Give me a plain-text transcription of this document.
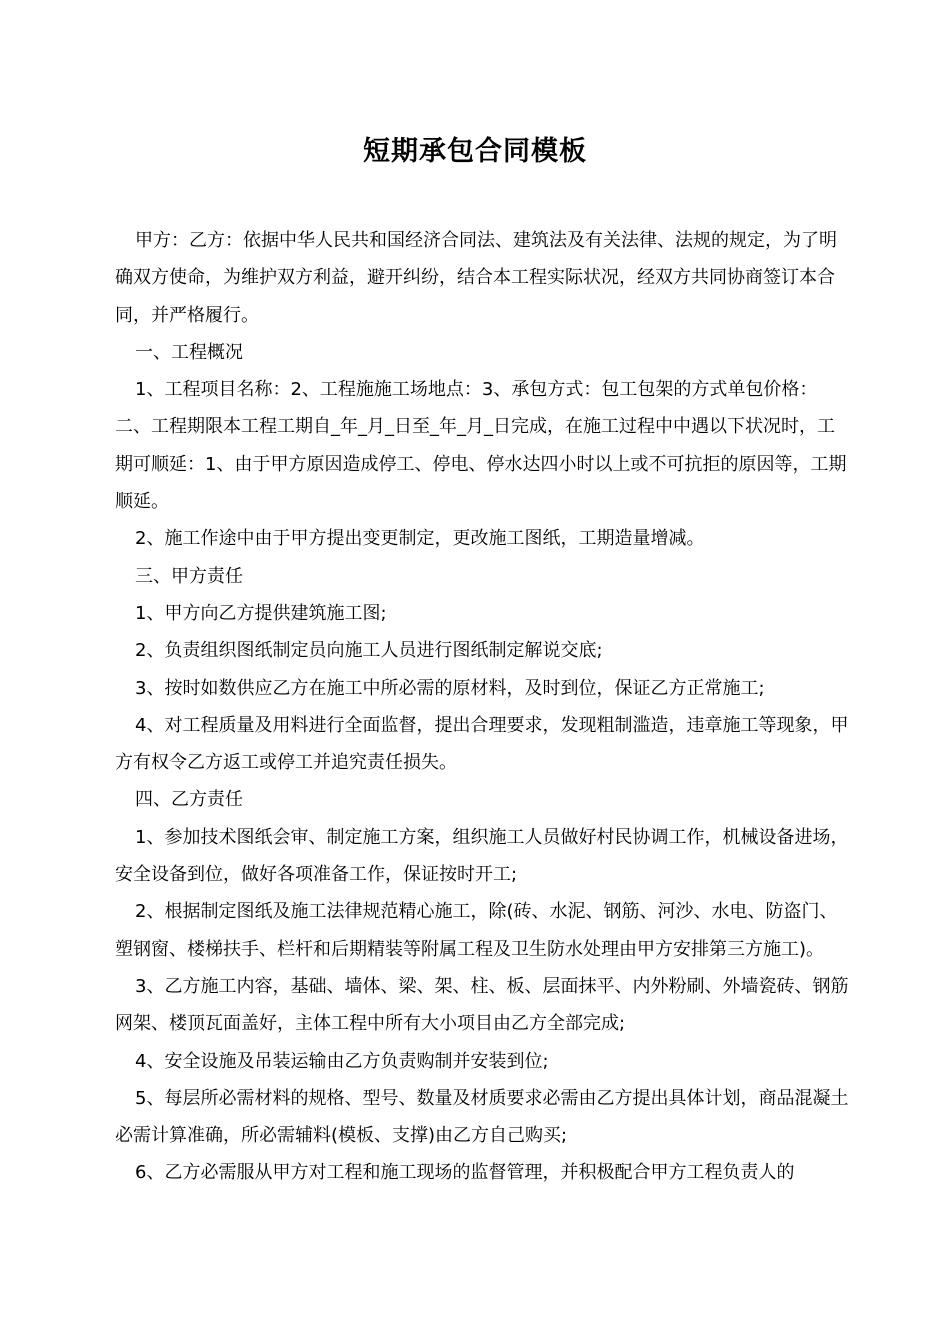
短期承包合同模板

甲方：乙方：依据中华人民共和国经济合同法、建筑法及有关法律、法规的规定，为了明确双方使命，为维护双方利益，避开纠纷，结合本工程实际状况，经双方共同协商签订本合同，并严格履行。

一、工程概况

1、工程项目名称：2、工程施施工场地点：3、承包方式：包工包架的方式单包价格：二、工程期限本工程工期自_年_月_日至_年_月_日完成，在施工过程中中遇以下状况时，工期可顺延：1、由于甲方原因造成停工、停电、停水达四小时以上或不可抗拒的原因等，工期顺延。

2、施工作途中由于甲方提出变更制定，更改施工图纸，工期造量增减。

三、甲方责任

1、甲方向乙方提供建筑施工图;

2、负责组织图纸制定员向施工人员进行图纸制定解说交底;

3、按时如数供应乙方在施工中所必需的原材料，及时到位，保证乙方正常施工;

4、对工程质量及用料进行全面监督，提出合理要求，发现粗制滥造，违章施工等现象，甲方有权令乙方返工或停工并追究责任损失。

四、乙方责任

1、参加技术图纸会审、制定施工方案，组织施工人员做好村民协调工作，机械设备进场，安全设备到位，做好各项准备工作，保证按时开工;

2、根据制定图纸及施工法律规范精心施工，除(砖、水泥、钢筋、河沙、水电、防盗门、塑钢窗、楼梯扶手、栏杆和后期精装等附属工程及卫生防水处理由甲方安排第三方施工)。

3、乙方施工内容，基础、墙体、梁、架、柱、板、层面抹平、内外粉刷、外墙瓷砖、钢筋网架、楼顶瓦面盖好，主体工程中所有大小项目由乙方全部完成;

4、安全设施及吊装运输由乙方负责购制并安装到位;

5、每层所必需材料的规格、型号、数量及材质要求必需由乙方提出具体计划，商品混凝土必需计算准确，所必需辅料(模板、支撑)由乙方自己购买;

6、乙方必需服从甲方对工程和施工现场的监督管理，并积极配合甲方工程负责人的
